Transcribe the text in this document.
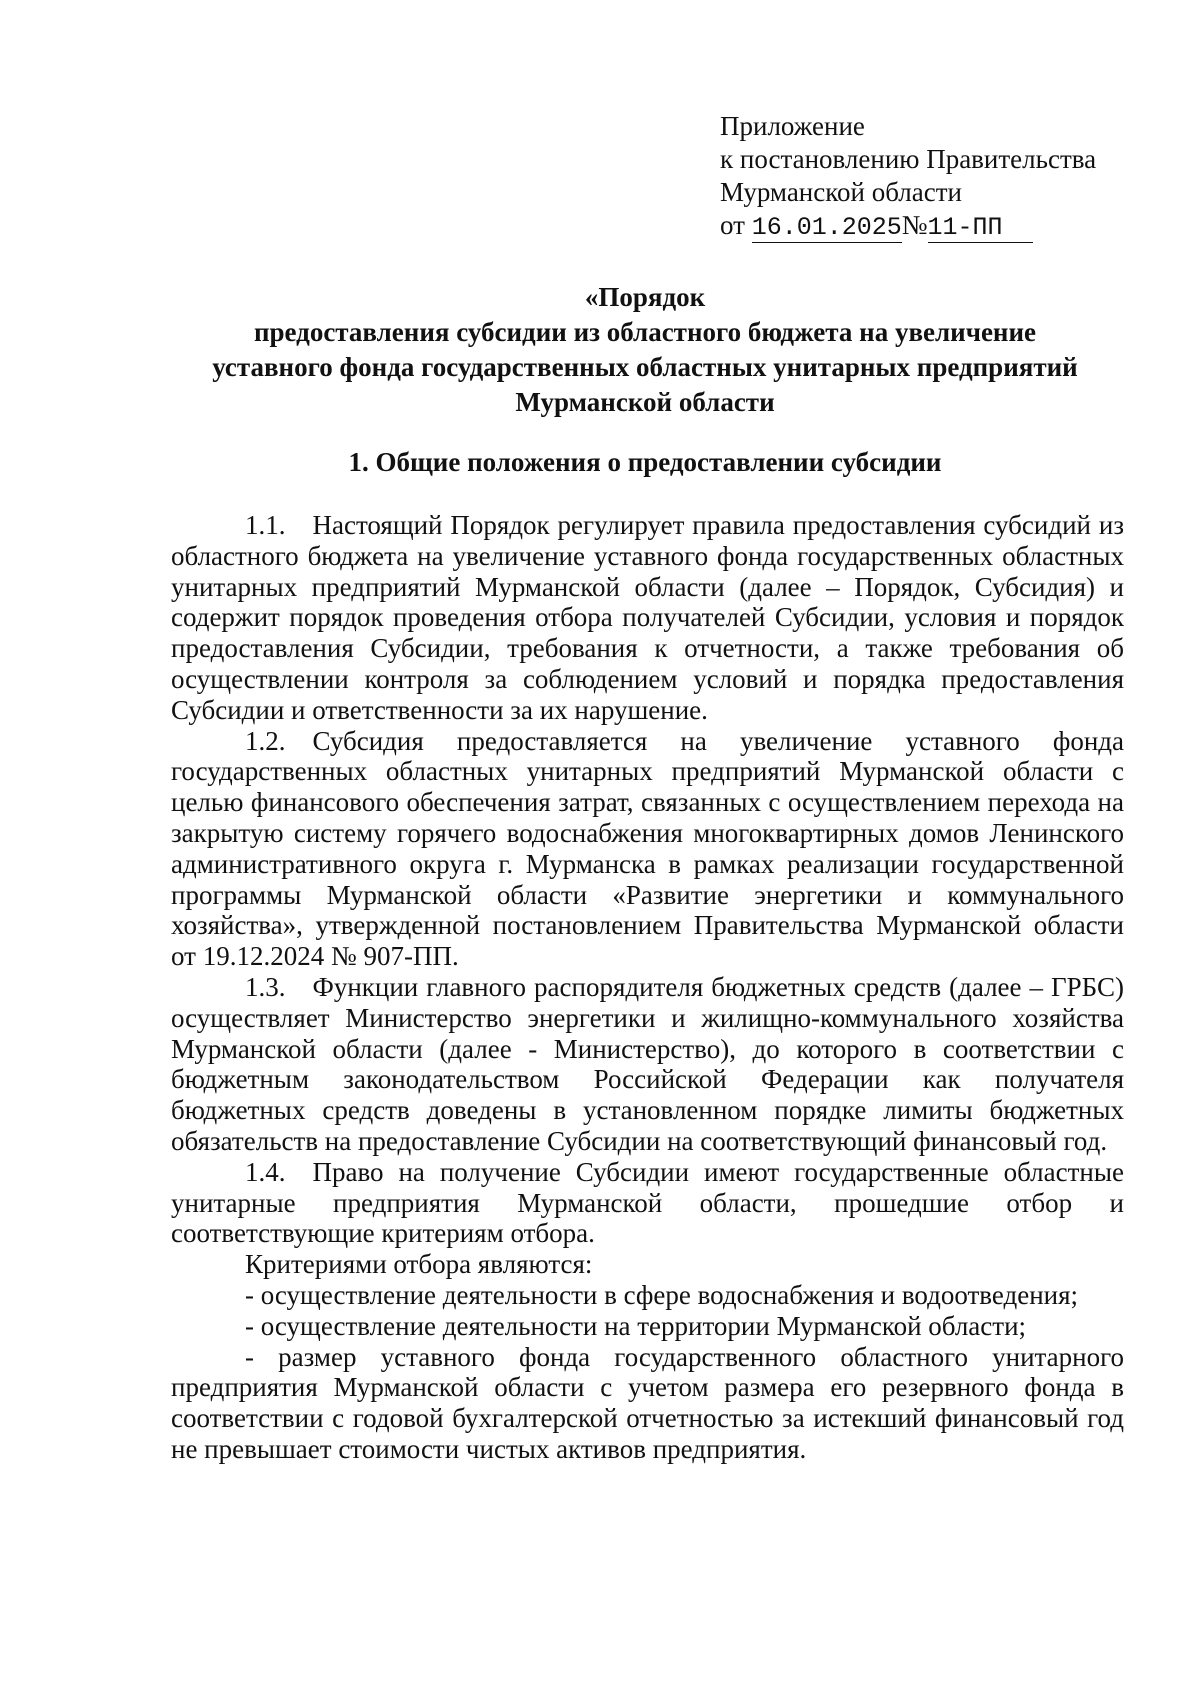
Приложение
к постановлению Правительства
Мурманской области
от 16.01.2025№11-ПП
«Порядок
предоставления субсидии из областного бюджета на увеличение
уставного фонда государственных областных унитарных предприятий
Мурманской области
1. Общие положения о предоставлении субсидии

1.1. Настоящий Порядок регулирует правила предоставления субсидий из областного бюджета на увеличение уставного фонда государственных областных унитарных предприятий Мурманской области (далее – Порядок, Субсидия) и содержит порядок проведения отбора получателей Субсидии, условия и порядок предоставления Субсидии, требования к отчетности, а также требования об осуществлении контроля за соблюдением условий и порядка предоставления Субсидии и ответственности за их нарушение.

1.2. Субсидия предоставляется на увеличение уставного фонда государственных областных унитарных предприятий Мурманской области с целью финансового обеспечения затрат, связанных с осуществлением перехода на закрытую систему горячего водоснабжения многоквартирных домов Ленинского административного округа г. Мурманска в рамках реализации государственной программы Мурманской области «Развитие энергетики и коммунального хозяйства», утвержденной постановлением Правительства Мурманской области от 19.12.2024 № 907-ПП.

1.3. Функции главного распорядителя бюджетных средств (далее – ГРБС) осуществляет Министерство энергетики и жилищно-коммунального хозяйства Мурманской области (далее - Министерство), до которого в соответствии с бюджетным законодательством Российской Федерации как получателя бюджетных средств доведены в установленном порядке лимиты бюджетных обязательств на предоставление Субсидии на соответствующий финансовый год.

1.4. Право на получение Субсидии имеют государственные областные унитарные предприятия Мурманской области, прошедшие отбор и соответствующие критериям отбора.

Критериями отбора являются:

- осуществление деятельности в сфере водоснабжения и водоотведения;

- осуществление деятельности на территории Мурманской области;

- размер уставного фонда государственного областного унитарного предприятия Мурманской области с учетом размера его резервного фонда в соответствии с годовой бухгалтерской отчетностью за истекший финансовый год не превышает стоимости чистых активов предприятия.
